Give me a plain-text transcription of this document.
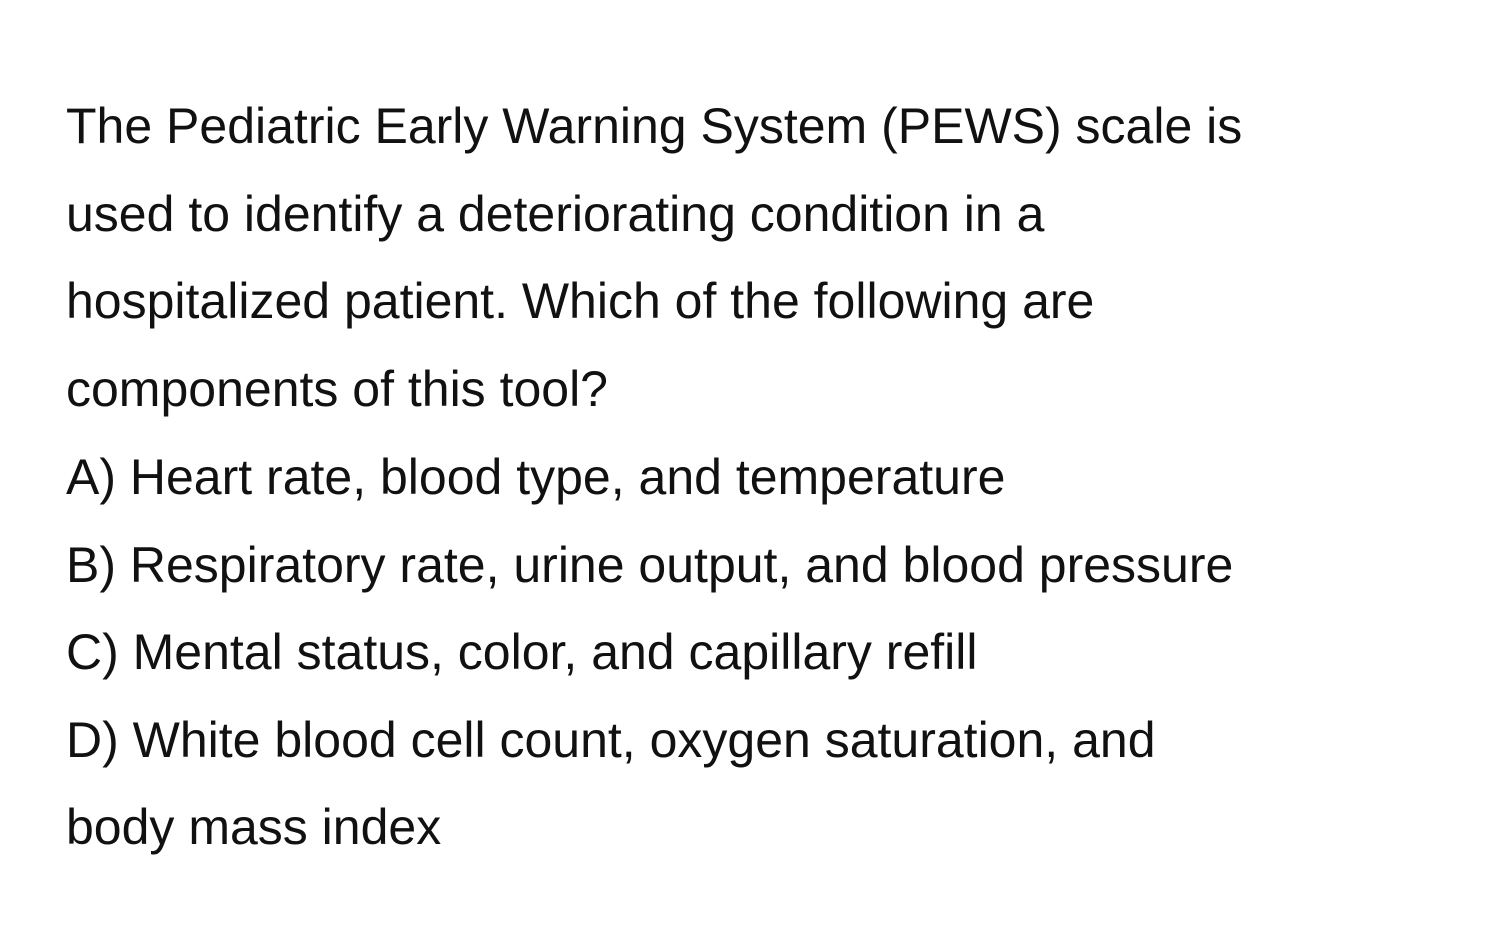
The Pediatric Early Warning System (PEWS) scale is
used to identify a deteriorating condition in a
hospitalized patient. Which of the following are
components of this tool?
A) Heart rate, blood type, and temperature
B) Respiratory rate, urine output, and blood pressure
C) Mental status, color, and capillary refill
D) White blood cell count, oxygen saturation, and
body mass index
